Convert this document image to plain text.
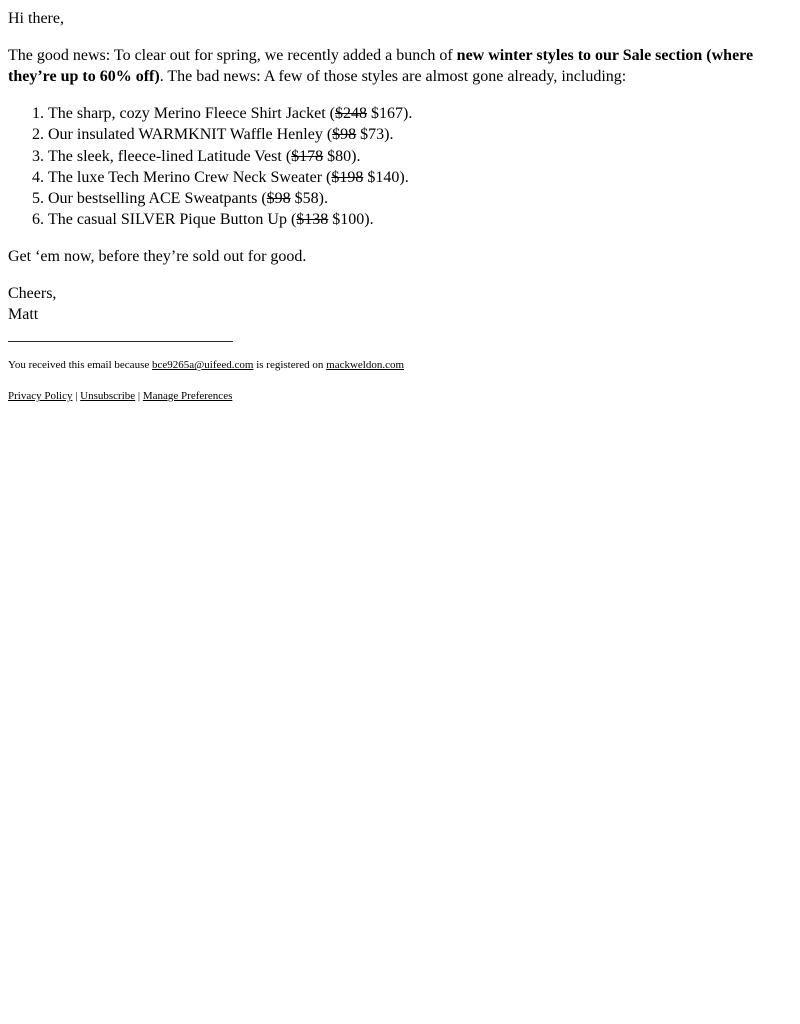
Hi there,

The good news: To clear out for spring, we recently added a bunch of new winter styles to our Sale section (where they’re up to 60% off). The bad news: A few of those styles are almost gone already, including:

1. The sharp, cozy Merino Fleece Shirt Jacket ($248 $167).
2. Our insulated WARMKNIT Waffle Henley ($98 $73).
3. The sleek, fleece-lined Latitude Vest ($178 $80).
4. The luxe Tech Merino Crew Neck Sweater ($198 $140).
5. Our bestselling ACE Sweatpants ($98 $58).
6. The casual SILVER Pique Button Up ($138 $100).

Get ‘em now, before they’re sold out for good.

Cheers,
Matt

You received this email because bce9265a@uifeed.com is registered on mackweldon.com

Privacy Policy | Unsubscribe | Manage Preferences
